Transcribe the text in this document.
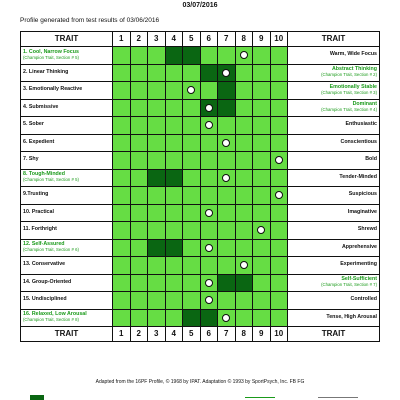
03/07/2016
Profile generated from test results of 03/06/2016
TRAIT	1	2	3	4	5	6	7	8	9	10	TRAIT
1. Cool, Narrow Focus
(Champion Trait, Section # 5)											Warm, Wide Focus
2. Linear Thinking											Abstract Thinking
(Champion Trait, Section # 2)

3. Emotionally Reactive											Emotionally Stable
(Champion Trait, Section # 3)

4. Submissive											Dominant
(Champion Trait, Section # 4)

5. Sober											Enthusiastic
6. Expedient											Conscientious
7. Shy											Bold
8. Tough-Minded
(Champion Trait, Section # 5)											Tender-Minded
9.Trusting											Suspicious
10. Practical											Imaginative
11. Forthright											Shrewd
12. Self-Assured
(Champion Trait, Section # 6)											Apprehensive
13. Conservative											Experimenting
14. Group-Oriented											Self-Sufficient
(Champion Trait, Section # 7)

15. Undisciplined											Controlled
16. Relaxed, Low Arousal
(Champion Trait, Section # 8)											Tense, High Arousal
TRAIT	1	2	3	4	5	6	7	8	9	10	TRAIT
Adapted from the 16PF Profile, © 1968 by IPAT. Adaptation © 1993 by SportPsych, Inc. FB FG
